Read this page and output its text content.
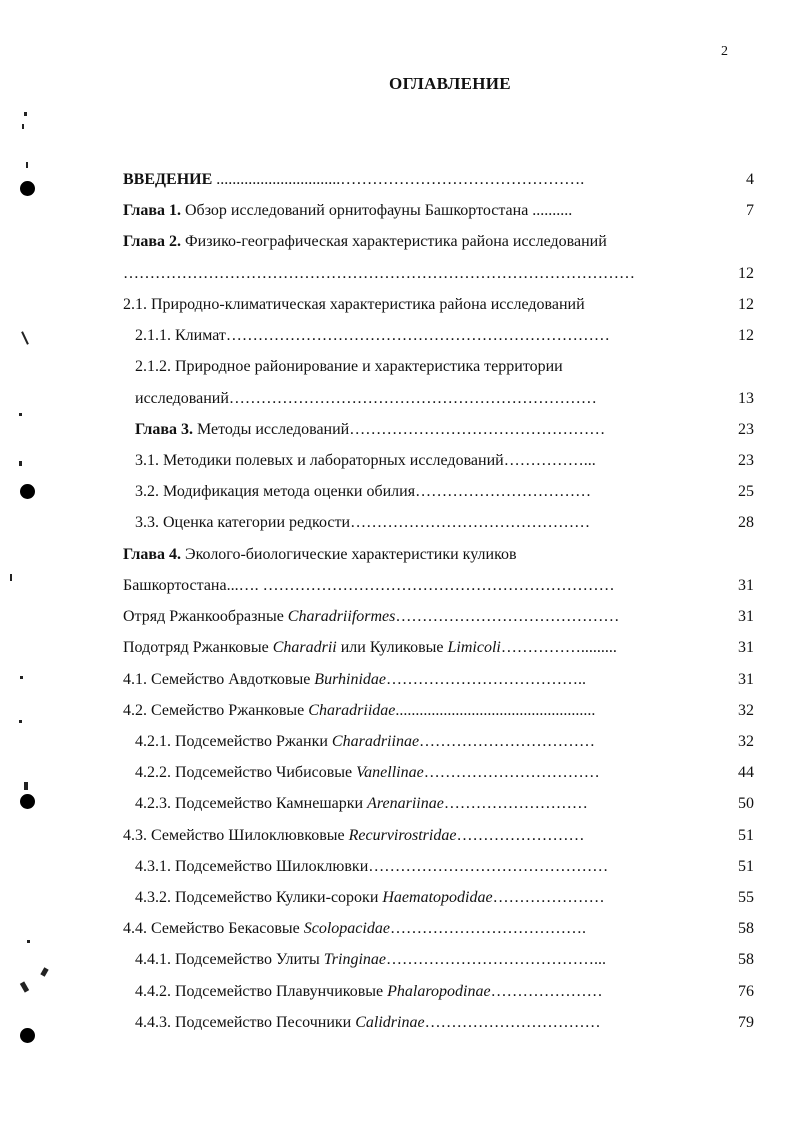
2
ОГЛАВЛЕНИЕ
ВВЕДЕНИЕ ...............................……………………………………….	4
Глава 1. Обзор исследований орнитофауны Башкортостана ..........	7
Глава 2. Физико-географическая характеристика района исследований
……………………………………………………………………………………	12
2.1. Природно-климатическая характеристика района исследований	12
2.1.1. Климат………………………………………………………………	12
2.1.2. Природное районирование и характеристика территории
исследований……………………………………………………………	13
Глава 3. Методы исследований…………………………………………	23
3.1. Методики полевых и лабораторных исследований……………...	23
3.2. Модификация метода оценки обилия……………………………	25
3.3. Оценка категории редкости………………………………………	28
Глава 4. Эколого-биологические характеристики куликов
Башкортостана...…. …………………………………………………………	31
Отряд Ржанкообразные Charadriiformes……………………………………	31
Подотряд Ржанковые Charadrii или Куликовые Limicoli…………….........	31
4.1. Семейство Авдотковые Burhinidae………………………………..	31
4.2. Семейство Ржанковые Charadriidae..................................................	32
4.2.1. Подсемейство Ржанки Charadriinae……………………………	32
4.2.2. Подсемейство Чибисовые Vanellinae……………………………	44
4.2.3. Подсемейство Камнешарки Arenariinae………………………	50
4.3. Семейство Шилоклювковые Recurvirostridae……………………	51
4.3.1. Подсемейство Шилоклювки………………………………………	51
4.3.2. Подсемейство Кулики-сороки Haematopodidae…………………	55
4.4. Семейство Бекасовые Scolopacidae……………………………….	58
4.4.1. Подсемейство Улиты Tringinae…………………………………...	58
4.4.2. Подсемейство Плавунчиковые Phalaropodinae…………………	76
4.4.3. Подсемейство Песочники Calidrinae……………………………	79
